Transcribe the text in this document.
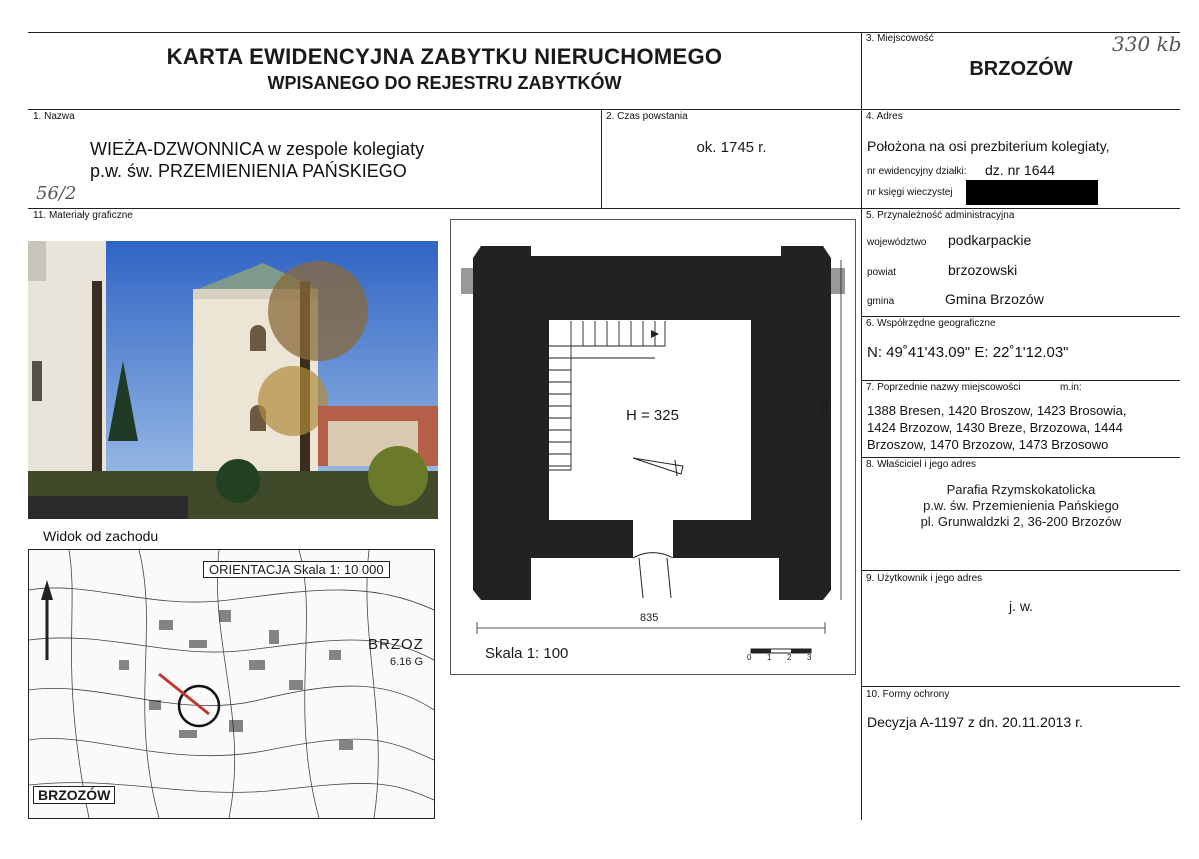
KARTA EWIDENCYJNA ZABYTKU NIERUCHOMEGO
WPISANEGO DO REJESTRU ZABYTKÓW
3. Miejscowość
BRZOZÓW
330 kb
1. Nazwa
WIEŻA-DZWONNICA w zespole kolegiaty
p.w. św. PRZEMIENIENIA PAŃSKIEGO
56/2
2. Czas powstania
ok. 1745 r.
4. Adres
Położona na osi prezbiterium kolegiaty,
nr ewidencyjny działki: dz. nr 1644
nr księgi wieczystej
11. Materiały graficzne
Widok od zachodu
ORIENTACJA Skala 1: 10 000
BRZOZÓW
BRZOZ
6.16 G
H = 325	835
835
Skala 1: 100	0 1 2 3
5. Przynależność administracyjna
województwo podkarpackie
powiat	brzozowski
gmina	Gmina Brzozów
6. Współrzędne geograficzne
N: 49˚41'43.09" E: 22˚1'12.03"
7. Poprzednie nazwy miejscowości	m.in:
1388 Bresen, 1420 Broszow, 1423 Brosowia,
1424 Brzozow, 1430 Breze, Brzozowa, 1444
Brzoszow, 1470 Brzozow, 1473 Brzosowo
8. Właściciel i jego adres
Parafia Rzymskokatolicka
p.w. św. Przemienienia Pańskiego
pl. Grunwaldzki 2, 36-200 Brzozów
9. Użytkownik i jego adres
j. w.
10. Formy ochrony
Decyzja A-1197 z dn. 20.11.2013 r.
